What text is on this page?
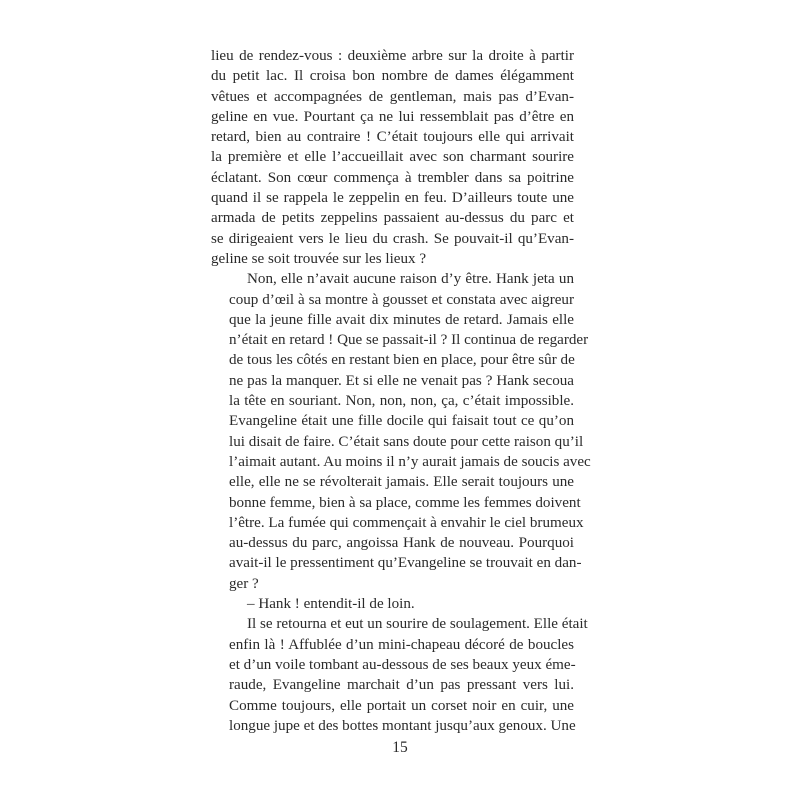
lieu de rendez-vous : deuxième arbre sur la droite à partir
du petit lac. Il croisa bon nombre de dames élégamment
vêtues et accompagnées de gentleman, mais pas d’Evan-
geline en vue. Pourtant ça ne lui ressemblait pas d’être en
retard, bien au contraire ! C’était toujours elle qui arrivait
la première et elle l’accueillait avec son charmant sourire
éclatant. Son cœur commença à trembler dans sa poitrine
quand il se rappela le zeppelin en feu. D’ailleurs toute une
armada de petits zeppelins passaient au-dessus du parc et
se dirigeaient vers le lieu du crash. Se pouvait-il qu’Evan-
geline se soit trouvée sur les lieux ?
Non, elle n’avait aucune raison d’y être. Hank jeta un
coup d’œil à sa montre à gousset et constata avec aigreur
que la jeune fille avait dix minutes de retard. Jamais elle
n’était en retard ! Que se passait-il ? Il continua de regarder
de tous les côtés en restant bien en place, pour être sûr de
ne pas la manquer. Et si elle ne venait pas ? Hank secoua
la tête en souriant. Non, non, non, ça, c’était impossible.
Evangeline était une fille docile qui faisait tout ce qu’on
lui disait de faire. C’était sans doute pour cette raison qu’il
l’aimait autant. Au moins il n’y aurait jamais de soucis avec
elle, elle ne se révolterait jamais. Elle serait toujours une
bonne femme, bien à sa place, comme les femmes doivent
l’être. La fumée qui commençait à envahir le ciel brumeux
au-dessus du parc, angoissa Hank de nouveau. Pourquoi
avait-il le pressentiment qu’Evangeline se trouvait en dan-
ger ?
– Hank ! entendit-il de loin.
Il se retourna et eut un sourire de soulagement. Elle était
enfin là ! Affublée d’un mini-chapeau décoré de boucles
et d’un voile tombant au-dessous de ses beaux yeux éme-
raude, Evangeline marchait d’un pas pressant vers lui.
Comme toujours, elle portait un corset noir en cuir, une
longue jupe et des bottes montant jusqu’aux genoux. Une
15
